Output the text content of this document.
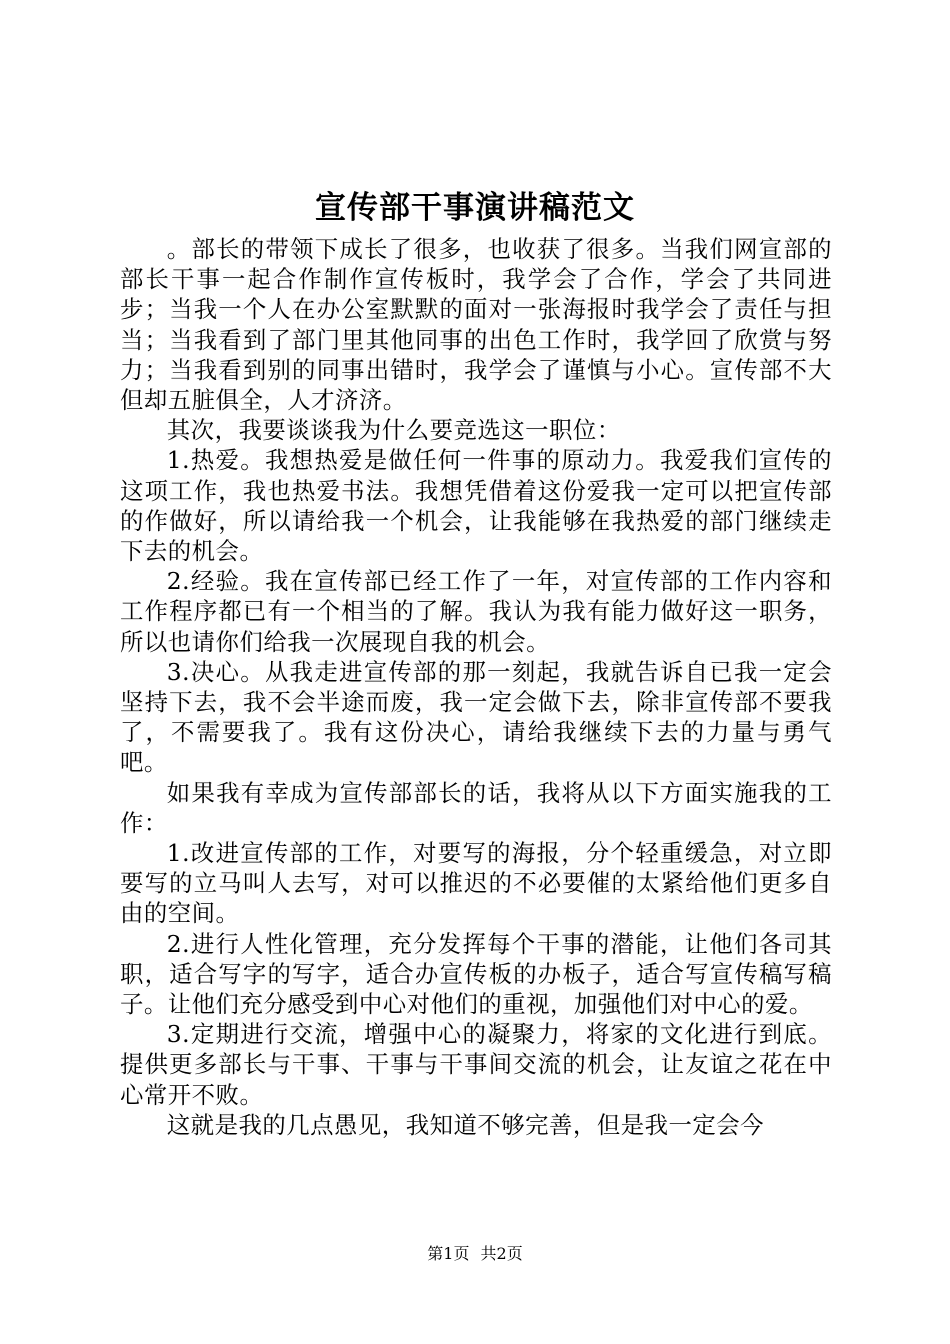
宣传部干事演讲稿范文

。部长的带领下成长了很多，也收获了很多。当我们网宣部的部长干事一起合作制作宣传板时，我学会了合作，学会了共同进步；当我一个人在办公室默默的面对一张海报时我学会了责任与担当；当我看到了部门里其他同事的出色工作时，我学回了欣赏与努力；当我看到别的同事出错时，我学会了谨慎与小心。宣传部不大但却五脏俱全，人才济济。

其次，我要谈谈我为什么要竞选这一职位：

1.热爱。我想热爱是做任何一件事的原动力。我爱我们宣传的这项工作，我也热爱书法。我想凭借着这份爱我一定可以把宣传部的作做好，所以请给我一个机会，让我能够在我热爱的部门继续走下去的机会。

2.经验。我在宣传部已经工作了一年，对宣传部的工作内容和工作程序都已有一个相当的了解。我认为我有能力做好这一职务，所以也请你们给我一次展现自我的机会。

3.决心。从我走进宣传部的那一刻起，我就告诉自已我一定会坚持下去，我不会半途而废，我一定会做下去，除非宣传部不要我了，不需要我了。我有这份决心，请给我继续下去的力量与勇气吧。

如果我有幸成为宣传部部长的话，我将从以下方面实施我的工作：

1.改进宣传部的工作，对要写的海报，分个轻重缓急，对立即要写的立马叫人去写，对可以推迟的不必要催的太紧给他们更多自由的空间。

2.进行人性化管理，充分发挥每个干事的潜能，让他们各司其职，适合写字的写字，适合办宣传板的办板子，适合写宣传稿写稿子。让他们充分感受到中心对他们的重视，加强他们对中心的爱。

3.定期进行交流，增强中心的凝聚力，将家的文化进行到底。提供更多部长与干事、干事与干事间交流的机会，让友谊之花在中心常开不败。

这就是我的几点愚见，我知道不够完善，但是我一定会今

第1页 共2页
